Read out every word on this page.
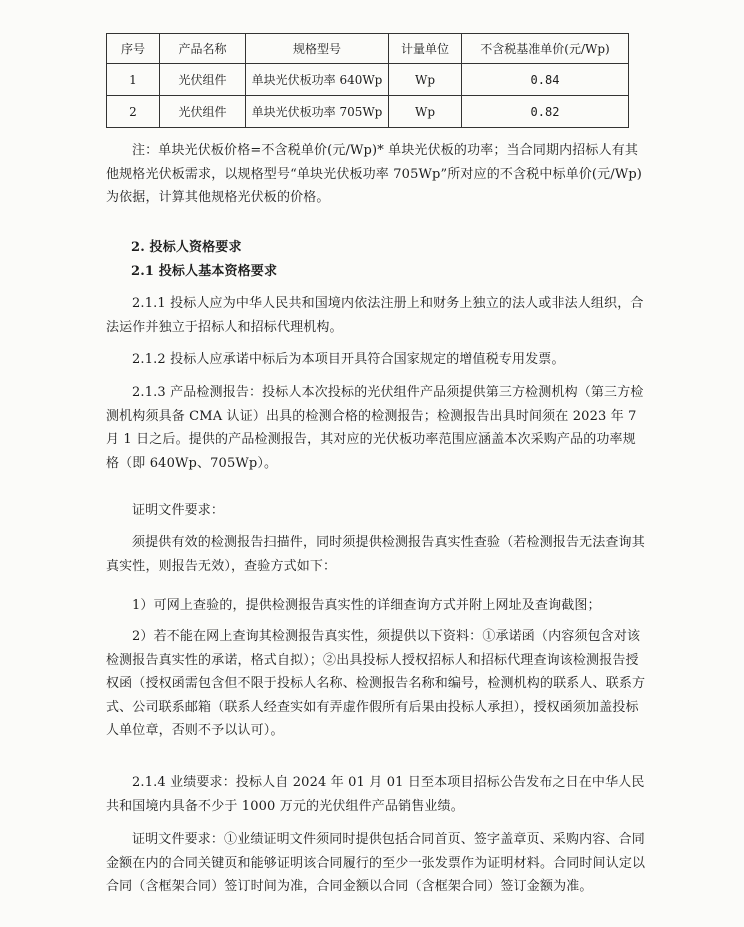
序号	产品名称	规格型号	计量单位	不含税基准单价(元/Wp)
1	光伏组件	单块光伏板功率 640Wp	Wp	0.84
2	光伏组件	单块光伏板功率 705Wp	Wp	0.82
注：单块光伏板价格=不含税单价(元/Wp)* 单块光伏板的功率；当合同期内招标人有其他规格光伏板需求，以规格型号“单块光伏板功率 705Wp”所对应的不含税中标单价(元/Wp)为依据，计算其他规格光伏板的价格。
2. 投标人资格要求
2.1 投标人基本资格要求
2.1.1 投标人应为中华人民共和国境内依法注册上和财务上独立的法人或非法人组织，合法运作并独立于招标人和招标代理机构。
2.1.2 投标人应承诺中标后为本项目开具符合国家规定的增值税专用发票。
2.1.3 产品检测报告：投标人本次投标的光伏组件产品须提供第三方检测机构（第三方检测机构须具备 CMA 认证）出具的检测合格的检测报告；检测报告出具时间须在 2023 年 7 月 1 日之后。提供的产品检测报告，其对应的光伏板功率范围应涵盖本次采购产品的功率规格（即 640Wp、705Wp）。
证明文件要求：
须提供有效的检测报告扫描件，同时须提供检测报告真实性查验（若检测报告无法查询其真实性，则报告无效），查验方式如下：
1）可网上查验的，提供检测报告真实性的详细查询方式并附上网址及查询截图；
2）若不能在网上查询其检测报告真实性，须提供以下资料：①承诺函（内容须包含对该检测报告真实性的承诺，格式自拟）；②出具投标人授权招标人和招标代理查询该检测报告授权函（授权函需包含但不限于投标人名称、检测报告名称和编号，检测机构的联系人、联系方式、公司联系邮箱（联系人经查实如有弄虚作假所有后果由投标人承担），授权函须加盖投标人单位章，否则不予以认可）。
2.1.4 业绩要求：投标人自 2024 年 01 月 01 日至本项目招标公告发布之日在中华人民共和国境内具备不少于 1000 万元的光伏组件产品销售业绩。
证明文件要求：①业绩证明文件须同时提供包括合同首页、签字盖章页、采购内容、合同金额在内的合同关键页和能够证明该合同履行的至少一张发票作为证明材料。合同时间认定以合同（含框架合同）签订时间为准，合同金额以合同（含框架合同）签订金额为准。
